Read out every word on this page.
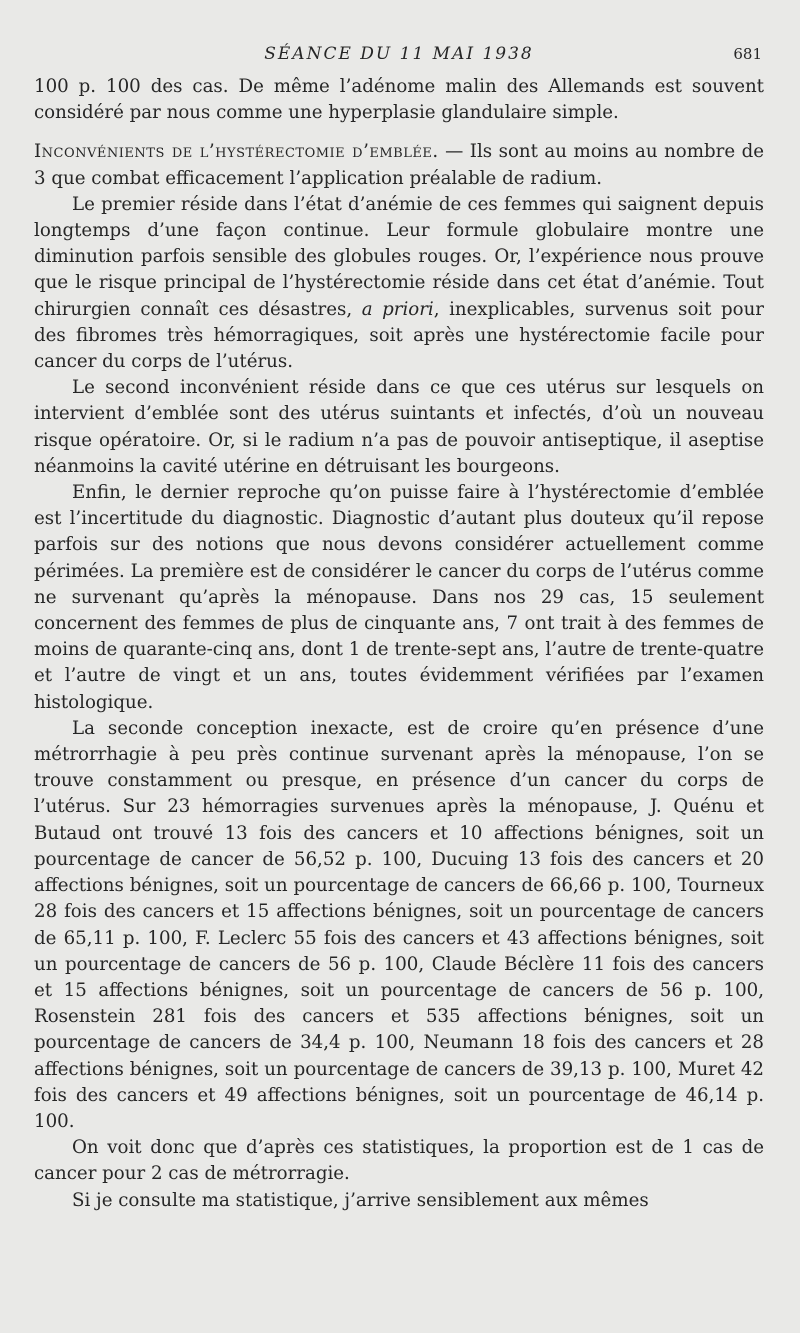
SÉANCE DU 11 MAI 1938	681

100 p. 100 des cas. De même l’adénome malin des Allemands est souvent considéré par nous comme une hyperplasie glandulaire simple.

Inconvénients de l’hystérectomie d’emblée. — Ils sont au moins au nombre de 3 que combat efficacement l’application préalable de radium.

Le premier réside dans l’état d’anémie de ces femmes qui saignent depuis longtemps d’une façon continue. Leur formule globulaire montre une diminution parfois sensible des globules rouges. Or, l’expérience nous prouve que le risque principal de l’hystérectomie réside dans cet état d’anémie. Tout chirurgien connaît ces désastres, a priori, inexplicables, survenus soit pour des fibromes très hémorragiques, soit après une hystérectomie facile pour cancer du corps de l’utérus.

Le second inconvénient réside dans ce que ces utérus sur lesquels on intervient d’emblée sont des utérus suintants et infectés, d’où un nouveau risque opératoire. Or, si le radium n’a pas de pouvoir antiseptique, il aseptise néanmoins la cavité utérine en détruisant les bourgeons.

Enfin, le dernier reproche qu’on puisse faire à l’hystérectomie d’emblée est l’incertitude du diagnostic. Diagnostic d’autant plus douteux qu’il repose parfois sur des notions que nous devons considérer actuellement comme périmées. La première est de considérer le cancer du corps de l’utérus comme ne survenant qu’après la ménopause. Dans nos 29 cas, 15 seulement concernent des femmes de plus de cinquante ans, 7 ont trait à des femmes de moins de quarante-cinq ans, dont 1 de trente-sept ans, l’autre de trente-quatre et l’autre de vingt et un ans, toutes évidemment vérifiées par l’examen histologique.

La seconde conception inexacte, est de croire qu’en présence d’une métrorrhagie à peu près continue survenant après la ménopause, l’on se trouve constamment ou presque, en présence d’un cancer du corps de l’utérus. Sur 23 hémorragies survenues après la ménopause, J. Quénu et Butaud ont trouvé 13 fois des cancers et 10 affections bénignes, soit un pourcentage de cancer de 56,52 p. 100, Ducuing 13 fois des cancers et 20 affections bénignes, soit un pourcentage de cancers de 66,66 p. 100, Tourneux 28 fois des cancers et 15 affections bénignes, soit un pourcentage de cancers de 65,11 p. 100, F. Leclerc 55 fois des cancers et 43 affections bénignes, soit un pourcentage de cancers de 56 p. 100, Claude Béclère 11 fois des cancers et 15 affections bénignes, soit un pourcentage de cancers de 56 p. 100, Rosenstein 281 fois des cancers et 535 affections bénignes, soit un pourcentage de cancers de 34,4 p. 100, Neumann 18 fois des cancers et 28 affections bénignes, soit un pourcentage de cancers de 39,13 p. 100, Muret 42 fois des cancers et 49 affections bénignes, soit un pourcentage de 46,14 p. 100.

On voit donc que d’après ces statistiques, la proportion est de 1 cas de cancer pour 2 cas de métrorragie.

Si je consulte ma statistique, j’arrive sensiblement aux mêmes
